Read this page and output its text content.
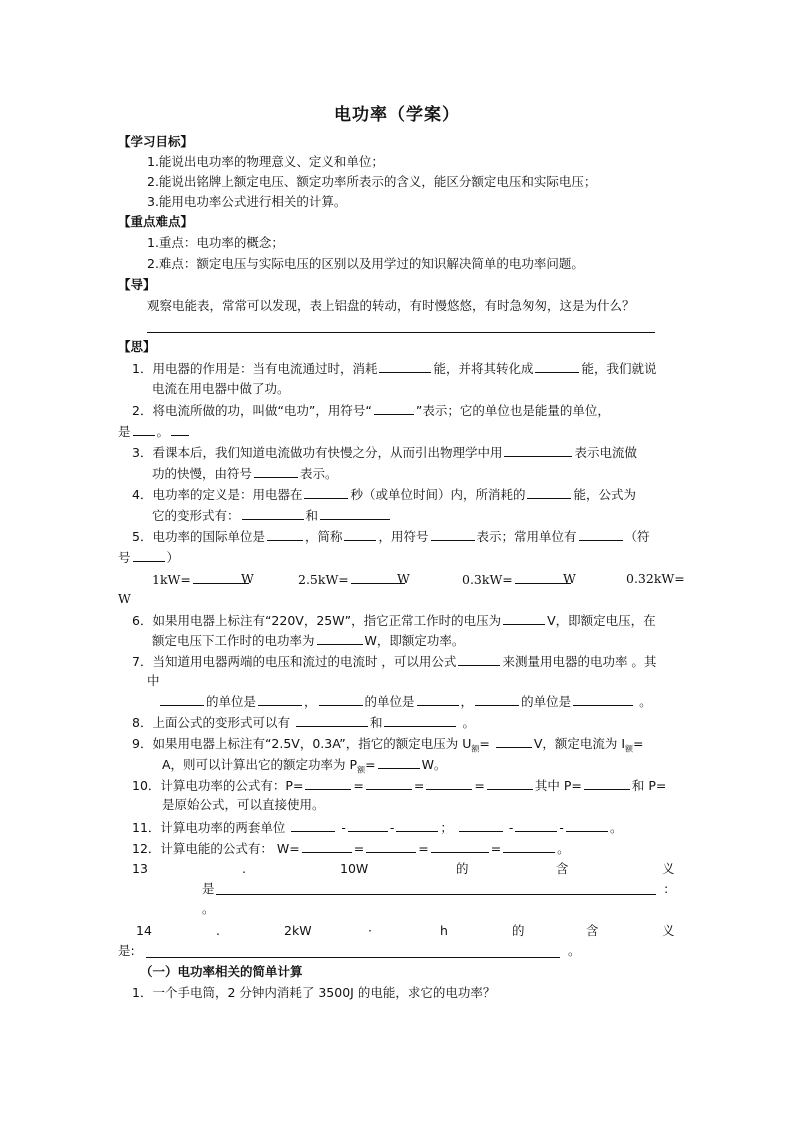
电功率（学案）
【学习目标】
1.能说出电功率的物理意义、定义和单位；
2.能说出铭牌上额定电压、额定功率所表示的含义，能区分额定电压和实际电压；
3.能用电功率公式进行相关的计算。
【重点难点】
1.重点：电功率的概念；
2.难点：额定电压与实际电压的区别以及用学过的知识解决简单的电功率问题。
【导】
观察电能表，常常可以发现，表上铝盘的转动，有时慢悠悠，有时急匆匆，这是为什么？
【思】
1．用电器的作用是：当有电流通过时，消耗	能，并将其转化成	能，我们就说
电流在用电器中做了功。
2．将电流所做的功，叫做“电功”，用符号“	”表示；它的单位也是能量的单位，
是 。
3．看课本后，我们知道电流做功有快慢之分，从而引出物理学中用	表示电流做
功的快慢，由符号	表示。
4．电功率的定义是：用电器在	秒（或单位时间）内，所消耗的	能，公式为
它的变形式有：	和
5．电功率的国际单位是	，简称	，用符号	表示；常用单位有	（符
号	）
1kW=	W	2.5kW=	W	0.3kW=	W	0.32kW=
W
6．如果用电器上标注有“220V，25W”，指它正常工作时的电压为	V，即额定电压，在
额定电压下工作时的电功率为	W，即额定功率。
7．当知道用电器两端的电压和流过的电流时 ，可以用公式	来测量用电器的电功率 。其
中
的单位是	，	的单位是	，	的单位是	。
8．上面公式的变形式可以有	和	。
9．如果用电器上标注有“2.5V，0.3A”，指它的额定电压为 $U_额=$	V，额定电流为 $I_额=$
A，则可以计算出它的额定功率为 $P_额=$	W。
10．计算电功率的公式有：P=	=	=	=	其中 P=	和 P=
是原始公式，可以直接使用。
11．计算电功率的两套单位	-	-	；	-	-	。
12．计算电能的公式有： W=	=	=	=	。
13	.	10W	的	含	义
是	:
。
14	.	2kW	·	h	的	含	义
是:	。
（一）电功率相关的简单计算
1．一个手电筒，2 分钟内消耗了 3500J 的电能，求它的电功率？
